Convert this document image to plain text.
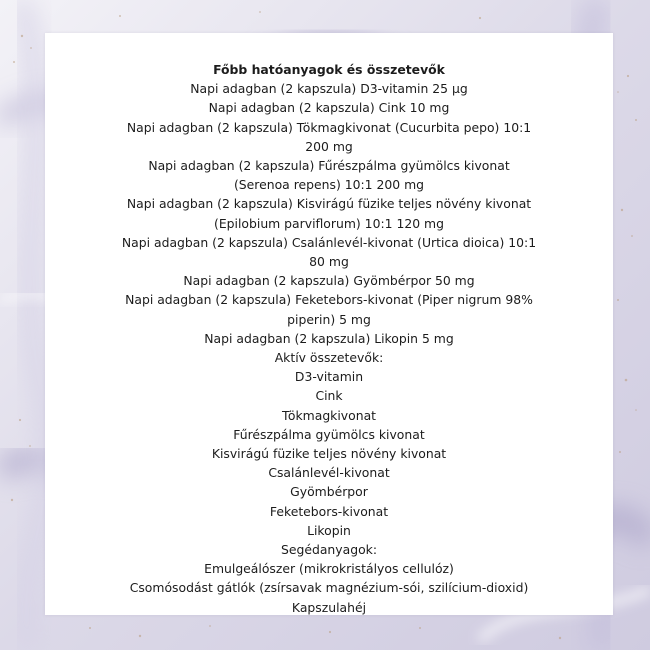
Főbb hatóanyagok és összetevők

Napi adagban (2 kapszula) D3-vitamin 25 µg

Napi adagban (2 kapszula) Cink 10 mg

Napi adagban (2 kapszula) Tökmagkivonat (Cucurbita pepo) 10:1

200 mg

Napi adagban (2 kapszula) Fűrészpálma gyümölcs kivonat

(Serenoa repens) 10:1 200 mg

Napi adagban (2 kapszula) Kisvirágú füzike teljes növény kivonat

(Epilobium parviflorum) 10:1 120 mg

Napi adagban (2 kapszula) Csalánlevél-kivonat (Urtica dioica) 10:1

80 mg

Napi adagban (2 kapszula) Gyömbérpor 50 mg

Napi adagban (2 kapszula) Feketebors-kivonat (Piper nigrum 98%

piperin) 5 mg

Napi adagban (2 kapszula) Likopin 5 mg

Aktív összetevők:

D3-vitamin

Cink

Tökmagkivonat

Fűrészpálma gyümölcs kivonat

Kisvirágú füzike teljes növény kivonat

Csalánlevél-kivonat

Gyömbérpor

Feketebors-kivonat

Likopin

Segédanyagok:

Emulgeálószer (mikrokristályos cellulóz)

Csomósodást gátlók (zsírsavak magnézium-sói, szilícium-dioxid)

Kapszulahéj
